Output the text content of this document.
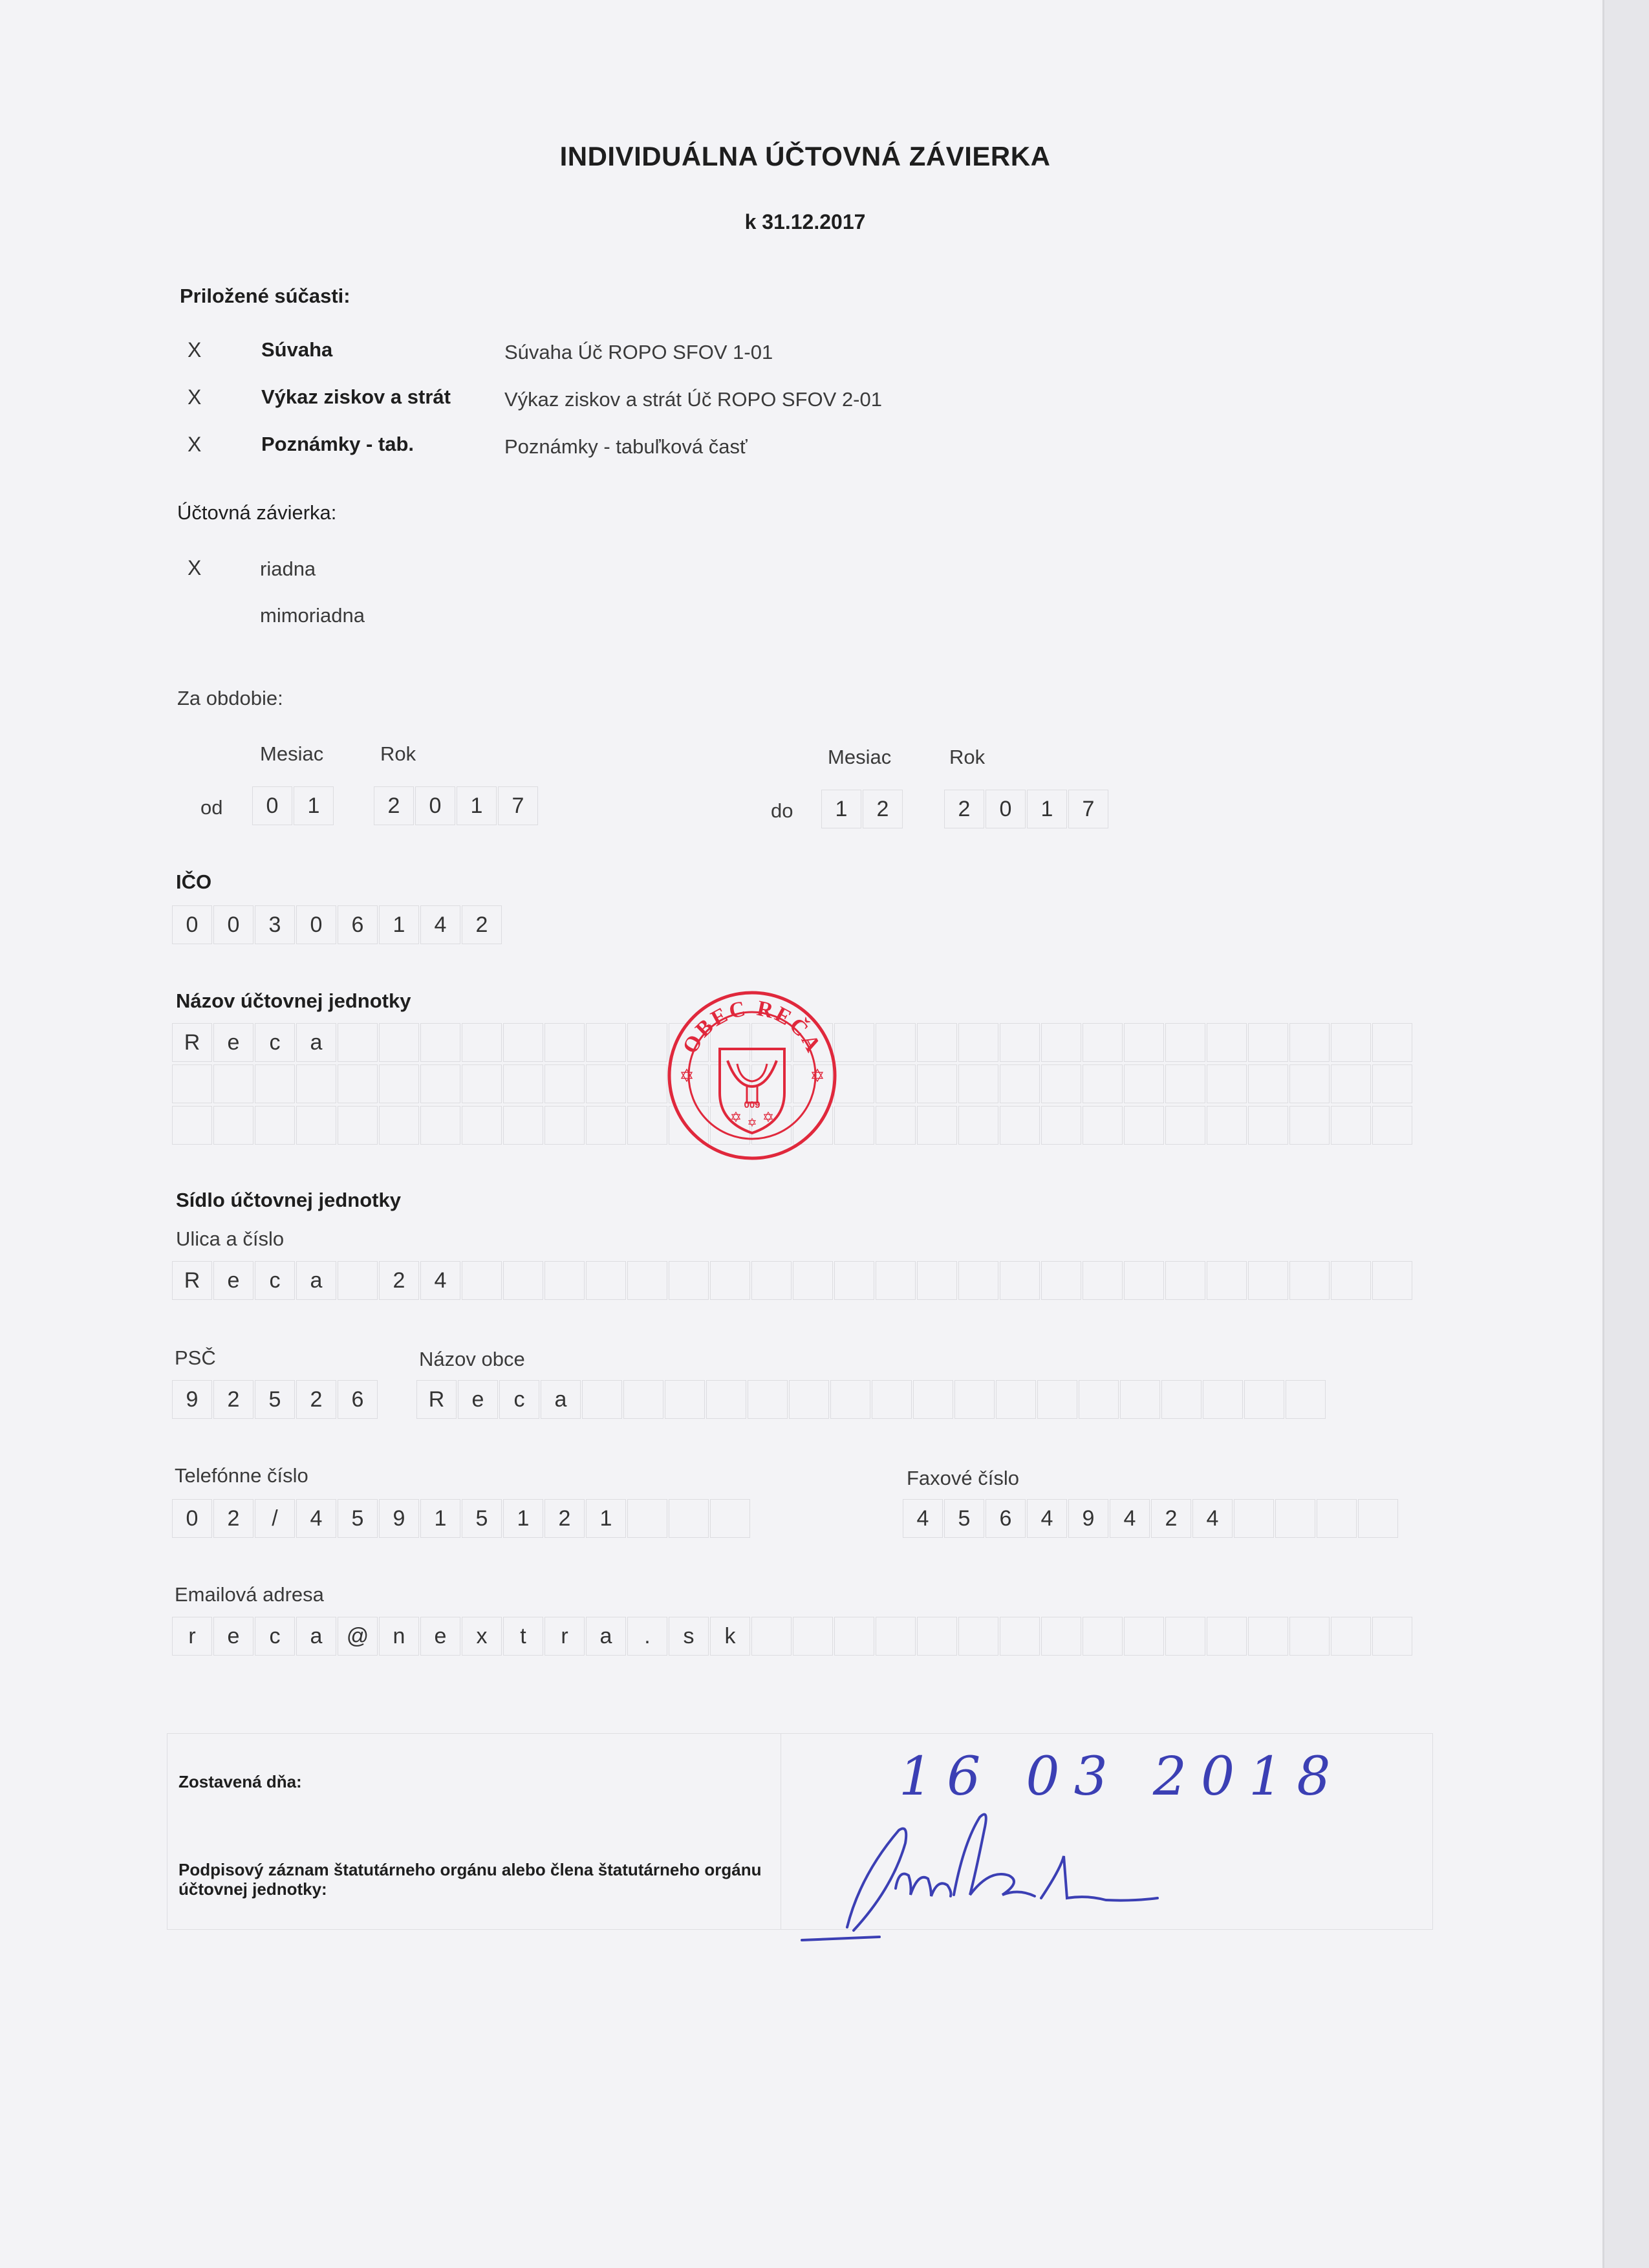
INDIVIDUÁLNA ÚČTOVNÁ ZÁVIERKA
k 31.12.2017
Priložené súčasti:
X	Súvaha	Súvaha Úč ROPO SFOV 1-01
X	Výkaz ziskov a strát	Výkaz ziskov a strát Úč ROPO SFOV 2-01
X	Poznámky - tab.	Poznámky - tabuľková časť
Účtovná závierka:
X	riadna
mimoriadna
Za obdobie:
Mesiac	Rok	Mesiac	Rok
od	0	1	2	0	1	7	do	1	2	2	0	1	7
IČO
0	0	3	0	6	1	4	2
Názov účtovnej jednotky
R	e	c	a	OBEC REČA
009
✡ ✡
✡
✡	✡
Sídlo účtovnej jednotky
Ulica a číslo
R	e	c	a	2	4
PSČ	Názov obce
9	2	5	2	6	R	e	c	a
Telefónne číslo
0	2	/	4	5	9	1	5	1	2	1
Faxové číslo
4	5	6	4	9	4	2	4
Emailová adresa
r	e	c	a	@	n	e	x	t	r	a	.	s	k
Zostavená dňa:	16 03 2018
Podpisový záznam štatutárneho orgánu alebo člena štatutárneho orgánu účtovnej jednotky:
